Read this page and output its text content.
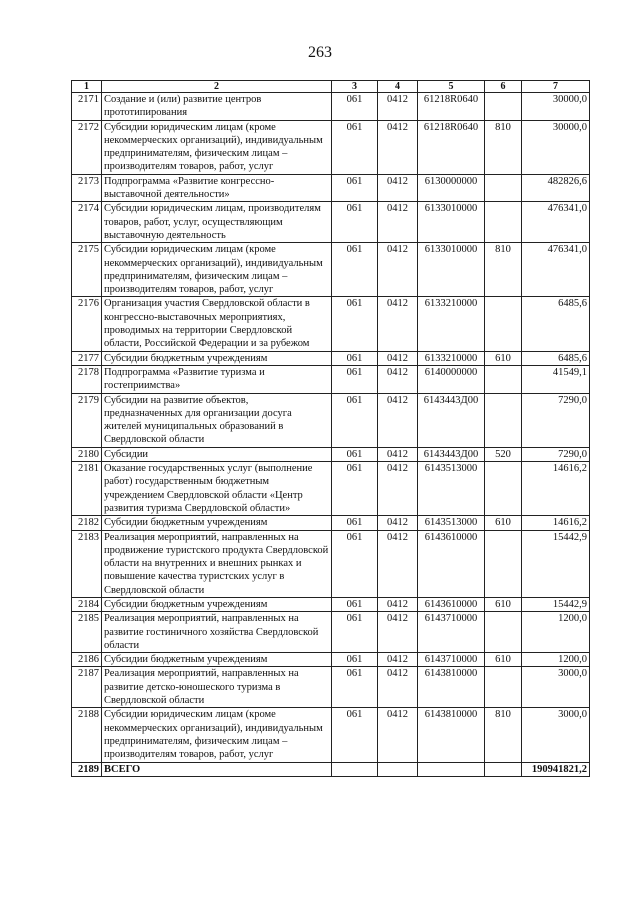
263
1	2	3	4	5	6	7
2171	Создание и (или) развитие центров прототипирования	061	0412	61218R0640		30000,0
2172	Субсидии юридическим лицам (кроме некоммерческих организаций), индивидуальным предпринимателям, физическим лицам – производителям товаров, работ, услуг	061	0412	61218R0640	810	30000,0
2173	Подпрограмма «Развитие конгрессно-выставочной деятельности»	061	0412	6130000000		482826,6
2174	Субсидии юридическим лицам, производителям товаров, работ, услуг, осуществляющим выставочную деятельность	061	0412	6133010000		476341,0
2175	Субсидии юридическим лицам (кроме некоммерческих организаций), индивидуальным предпринимателям, физическим лицам – производителям товаров, работ, услуг	061	0412	6133010000	810	476341,0
2176	Организация участия Свердловской области в конгрессно-выставочных мероприятиях, проводимых на территории Свердловской области, Российской Федерации и за рубежом	061	0412	6133210000		6485,6
2177	Субсидии бюджетным учреждениям	061	0412	6133210000	610	6485,6
2178	Подпрограмма «Развитие туризма и гостеприимства»	061	0412	6140000000		41549,1
2179	Субсидии на развитие объектов, предназначенных для организации досуга жителей муниципальных образований в Свердловской области	061	0412	614З443Д00		7290,0
2180	Субсидии	061	0412	614З443Д00	520	7290,0
2181	Оказание государственных услуг (выполнение работ) государственным бюджетным учреждением Свердловской области «Центр развития туризма Свердловской области»	061	0412	6143513000		14616,2
2182	Субсидии бюджетным учреждениям	061	0412	6143513000	610	14616,2
2183	Реализация мероприятий, направленных на продвижение туристского продукта Свердловской области на внутренних и внешних рынках и повышение качества туристских услуг в Свердловской области	061	0412	6143610000		15442,9
2184	Субсидии бюджетным учреждениям	061	0412	6143610000	610	15442,9
2185	Реализация мероприятий, направленных на развитие гостиничного хозяйства Свердловской области	061	0412	6143710000		1200,0
2186	Субсидии бюджетным учреждениям	061	0412	6143710000	610	1200,0
2187	Реализация мероприятий, направленных на развитие детско-юношеского туризма в Свердловской области	061	0412	6143810000		3000,0
2188	Субсидии юридическим лицам (кроме некоммерческих организаций), индивидуальным предпринимателям, физическим лицам – производителям товаров, работ, услуг	061	0412	6143810000	810	3000,0
2189	ВСЕГО					190941821,2
